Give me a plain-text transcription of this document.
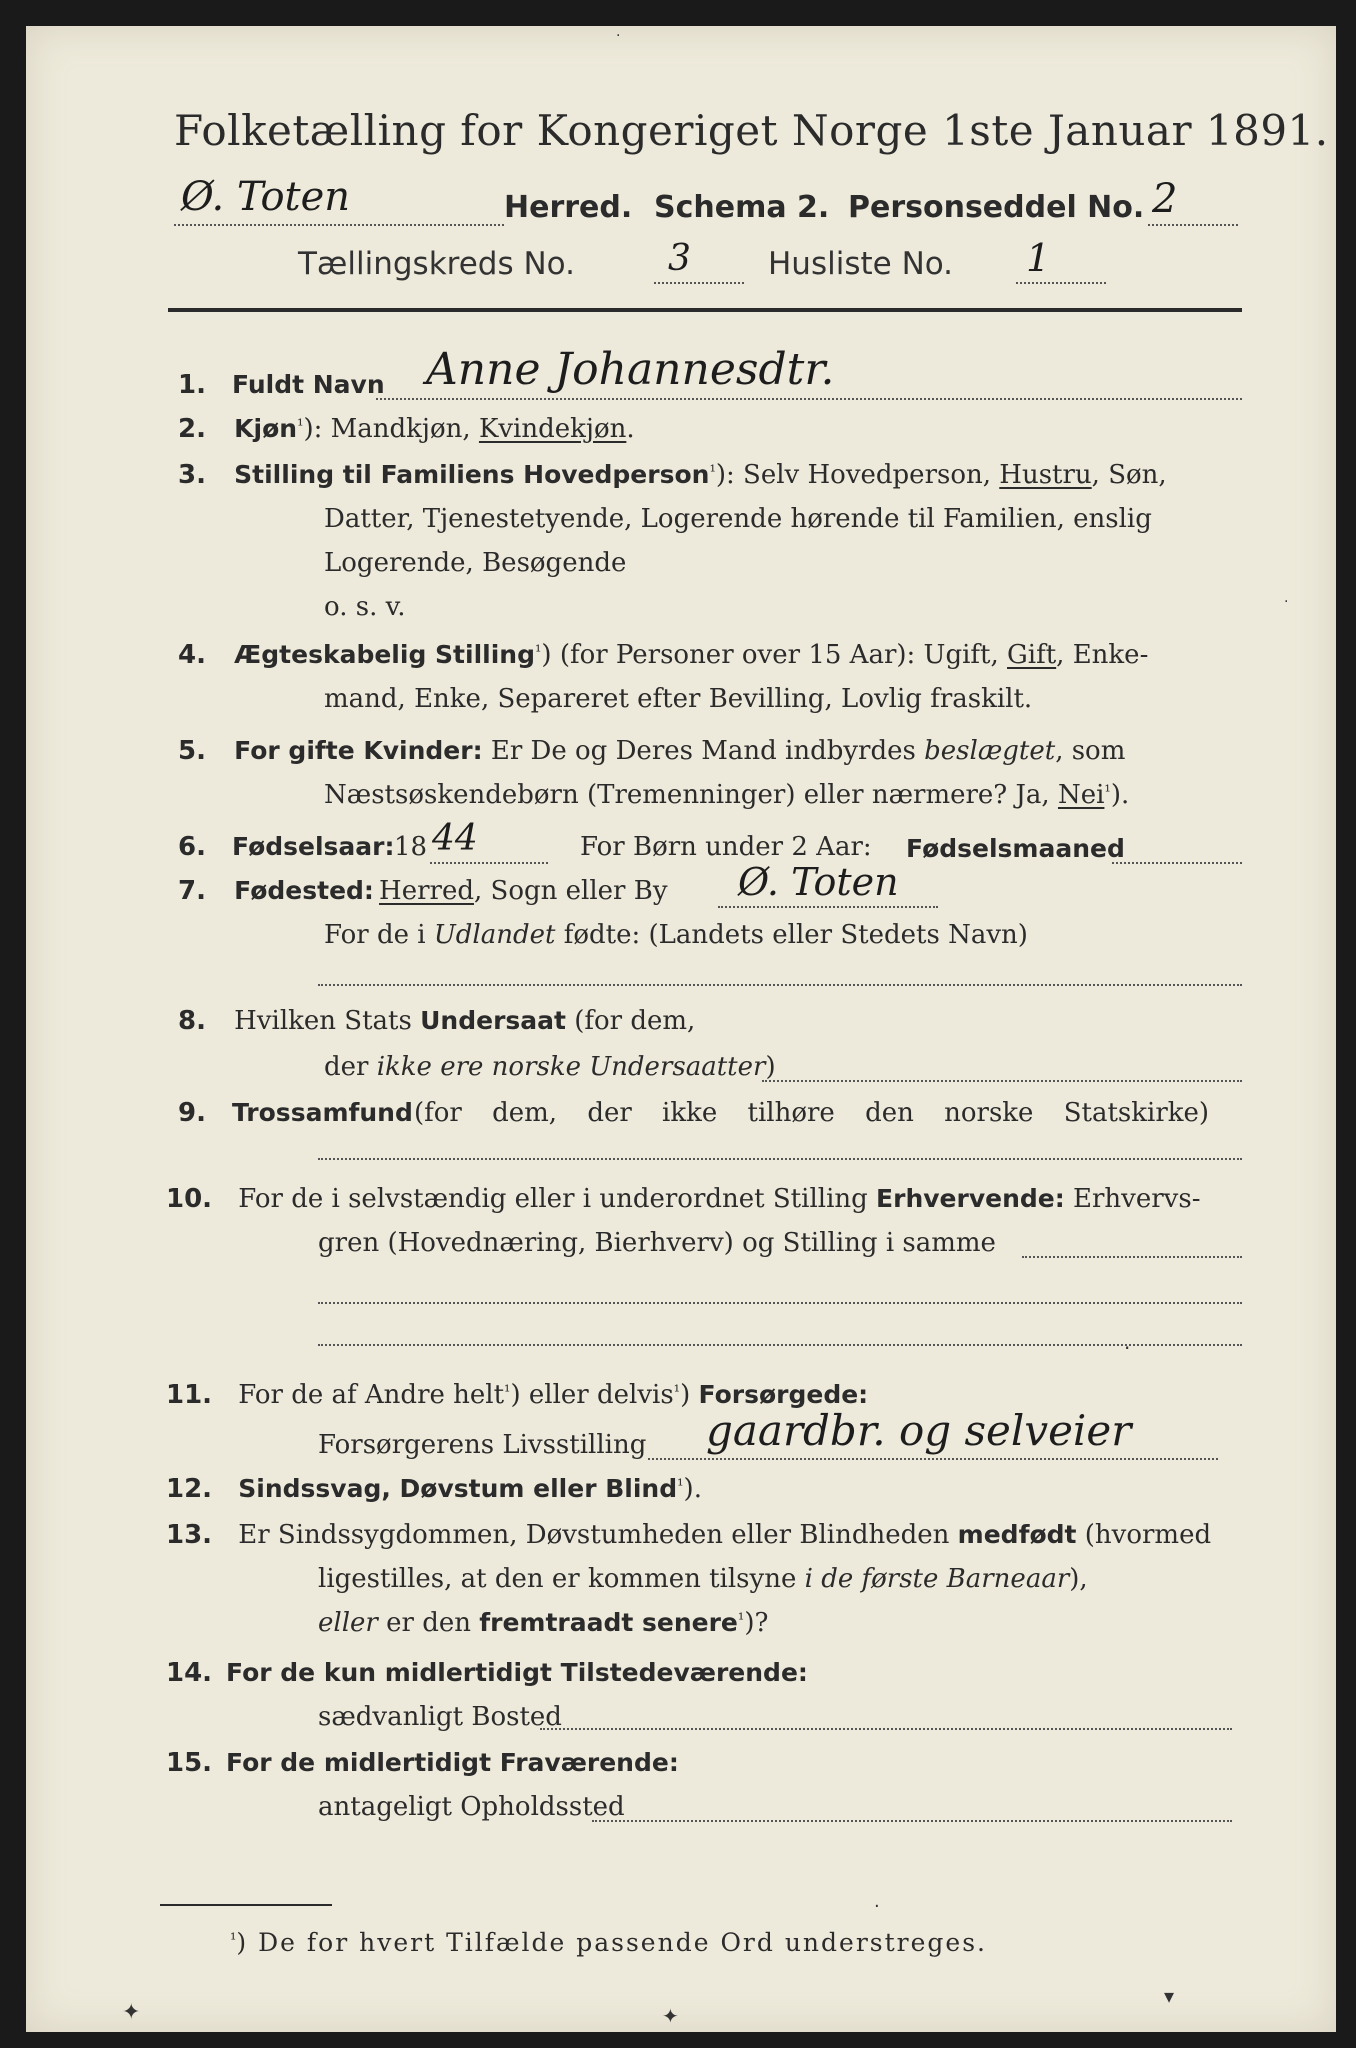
Folketælling for Kongeriget Norge 1ste Januar 1891.
Ø. Toten	Herred. Schema 2. Personseddel No. 2
Tællingskreds No.	3 Husliste No. 1
1. Fuldt Navn Anne Johannesdtr.
2. Kjøn$^{^1}$): Mandkjøn, Kvindekjøn.
3. Stilling til Familiens Hovedperson$^{^1}$): Selv Hovedperson, Hustru, Søn,
Datter, Tjenestetyende, Logerende hørende til Familien, enslig
Logerende, Besøgende
o. s. v.
4. Ægteskabelig Stilling$^{^1}$) (for Personer over 15 Aar): Ugift, Gift, Enke-
mand, Enke, Separeret efter Bevilling, Lovlig fraskilt.
5. For gifte Kvinder: Er De og Deres Mand indbyrdes beslægtet, som
Næstsøskendebørn (Tremenninger) eller nærmere? Ja, Nei$^{^1}$).
6. Fødselsaar: 18 44	For Børn under 2 Aar: Fødselsmaaned
7. Fødested: Herred, Sogn eller By Ø. Toten
For de i Udlandet fødte: (Landets eller Stedets Navn)
8. Hvilken Stats Undersaat (for dem,
der ikke ere norske Undersaatter)
9. Trossamfund (for dem, der ikke tilhøre den norske Statskirke)
10. For de i selvstændig eller i underordnet Stilling Erhvervende: Erhvervs-
gren (Hovednæring, Bierhverv) og Stilling i samme
11. For de af Andre helt$^{^1}$) eller delvis$^{^1}$) Forsørgede:
Forsørgerens Livsstilling gaardbr. og selveier
12. Sindssvag, Døvstum eller Blind$^{^1}$).
13. Er Sindssygdommen, Døvstumheden eller Blindheden medfødt (hvormed
ligestilles, at den er kommen tilsyne i de første Barneaar),
eller er den fremtraadt senere$^{^1}$)?
14. For de kun midlertidigt Tilstedeværende:
sædvanligt Bosted
15. For de midlertidigt Fraværende:
antageligt Opholdssted
$^{^1}$) De for hvert Tilfælde passende Ord understreges.
·
·
·
·
✦	✦
▾
